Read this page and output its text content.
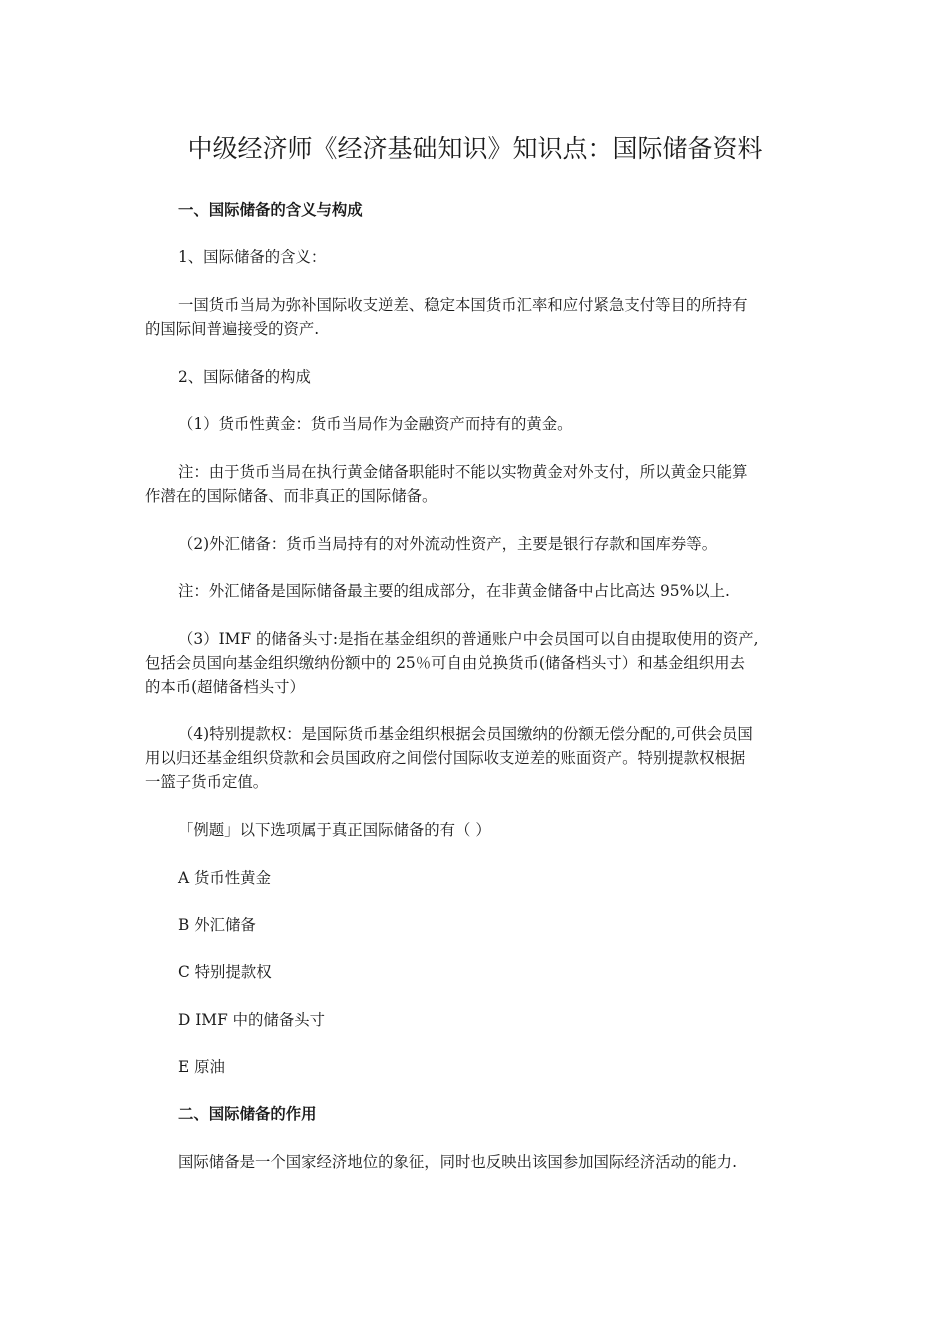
中级经济师《经济基础知识》知识点：国际储备资料
一、国际储备的含义与构成
1、国际储备的含义：
一国货币当局为弥补国际收支逆差、稳定本国货币汇率和应付紧急支付等目的所持有
的国际间普遍接受的资产.
2、国际储备的构成
（1）货币性黄金：货币当局作为金融资产而持有的黄金。
注：由于货币当局在执行黄金储备职能时不能以实物黄金对外支付，所以黄金只能算
作潜在的国际储备、而非真正的国际储备。
（2)外汇储备：货币当局持有的对外流动性资产，主要是银行存款和国库券等。
注：外汇储备是国际储备最主要的组成部分，在非黄金储备中占比高达 95%以上.
（3）IMF 的储备头寸:是指在基金组织的普通账户中会员国可以自由提取使用的资产,
包括会员国向基金组织缴纳份额中的 25％可自由兑换货币(储备档头寸）和基金组织用去
的本币(超储备档头寸）
（4)特别提款权：是国际货币基金组织根据会员国缴纳的份额无偿分配的,可供会员国
用以归还基金组织贷款和会员国政府之间偿付国际收支逆差的账面资产。特别提款权根据
一篮子货币定值。
「例题」以下选项属于真正国际储备的有（ ）
A 货币性黄金
B 外汇储备
C 特别提款权
D IMF 中的储备头寸
E 原油
二、国际储备的作用
国际储备是一个国家经济地位的象征，同时也反映出该国参加国际经济活动的能力.
